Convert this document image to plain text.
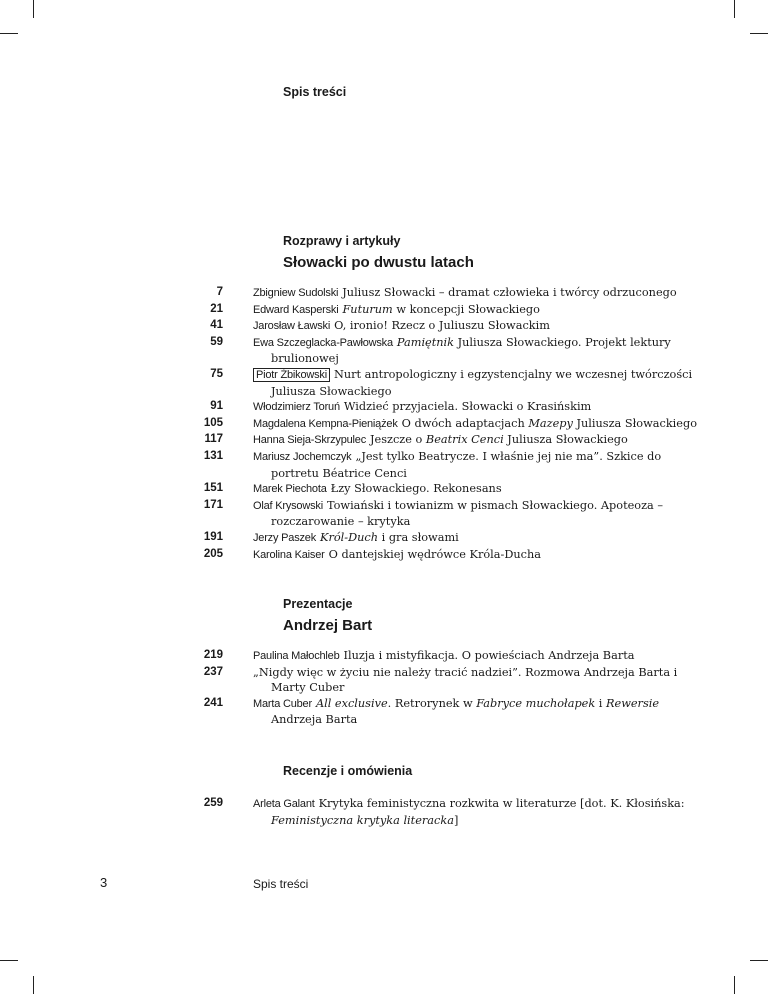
Spis treści
Rozprawy i artykuły
Słowacki po dwustu latach
7	Zbigniew Sudolski Juliusz Słowacki – dramat człowieka i twórcy odrzuconego
21	Edward Kasperski Futurum w koncepcji Słowackiego
41	Jarosław Ławski O, ironio! Rzecz o Juliuszu Słowackim
59	Ewa Szczeglacka-Pawłowska Pamiętnik Juliusza Słowackiego. Projekt lektury brulionowej
75	Piotr Żbikowski Nurt antropologiczny i egzystencjalny we wczesnej twórczości Juliusza Słowackiego
91	Włodzimierz Toruń Widzieć przyjaciela. Słowacki o Krasińskim
105	Magdalena Kempna-Pieniążek O dwóch adaptacjach Mazepy Juliusza Słowackiego
117	Hanna Sieja-Skrzypulec Jeszcze o Beatrix Cenci Juliusza Słowackiego
131	Mariusz Jochemczyk „Jest tylko Beatrycze. I właśnie jej nie ma”. Szkice do portretu Béatrice Cenci
151	Marek Piechota Łzy Słowackiego. Rekonesans
171	Olaf Krysowski Towiański i towianizm w pismach Słowackiego. Apoteoza – rozczarowanie – krytyka
191	Jerzy Paszek Król-Duch i gra słowami
205	Karolina Kaiser O dantejskiej wędrówce Króla-Ducha
Prezentacje
Andrzej Bart
219	Paulina Małochleb Iluzja i mistyfikacja. O powieściach Andrzeja Barta
237	„Nigdy więc w życiu nie należy tracić nadziei”. Rozmowa Andrzeja Barta i Marty Cuber
241	Marta Cuber All exclusive. Retrorynek w Fabryce muchołapek i Rewersie Andrzeja Barta
Recenzje i omówienia
259	Arleta Galant Krytyka feministyczna rozkwita w literaturze [dot. K. Kłosińska: Feministyczna krytyka literacka]
3	Spis treści
